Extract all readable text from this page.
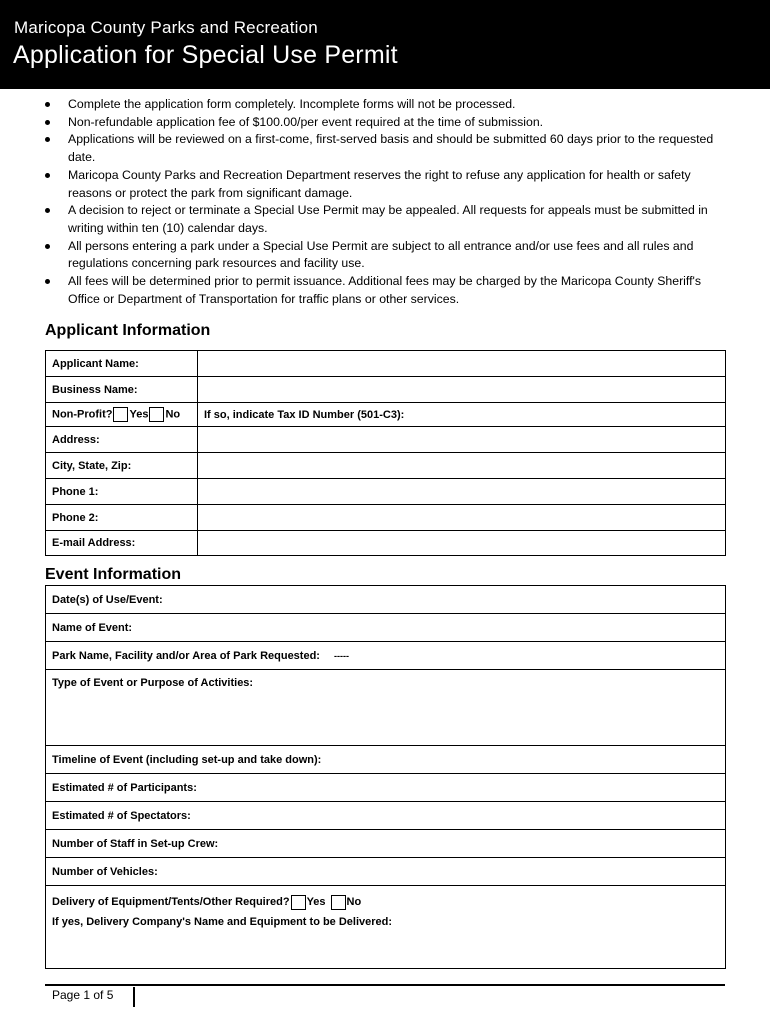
Maricopa County Parks and Recreation
Application for Special Use Permit
Complete the application form completely. Incomplete forms will not be processed.
Non-refundable application fee of $100.00/per event required at the time of submission.
Applications will be reviewed on a first-come, first-served basis and should be submitted 60 days prior to the requested date.
Maricopa County Parks and Recreation Department reserves the right to refuse any application for health or safety reasons or protect the park from significant damage.
A decision to reject or terminate a Special Use Permit may be appealed. All requests for appeals must be submitted in writing within ten (10) calendar days.
All persons entering a park under a Special Use Permit are subject to all entrance and/or use fees and all rules and regulations concerning park resources and facility use.
All fees will be determined prior to permit issuance. Additional fees may be charged by the Maricopa County Sheriff's Office or Department of Transportation for traffic plans or other services.
Applicant Information
Applicant Name:	
Business Name:	
Non-Profit? Yes No	If so, indicate Tax ID Number (501-C3):
Address:	
City, State, Zip:	
Phone 1:	
Phone 2:	
E-mail Address:	
Event Information
Date(s) of Use/Event:
Name of Event:
Park Name, Facility and/or Area of Park Requested: -----
Type of Event or Purpose of Activities:
Timeline of Event (including set-up and take down):
Estimated # of Participants:
Estimated # of Spectators:
Number of Staff in Set-up Crew:
Number of Vehicles:

Delivery of Equipment/Tents/Other Required? Yes No
If yes, Delivery Company's Name and Equipment to be Delivered:
Page 1 of 5
